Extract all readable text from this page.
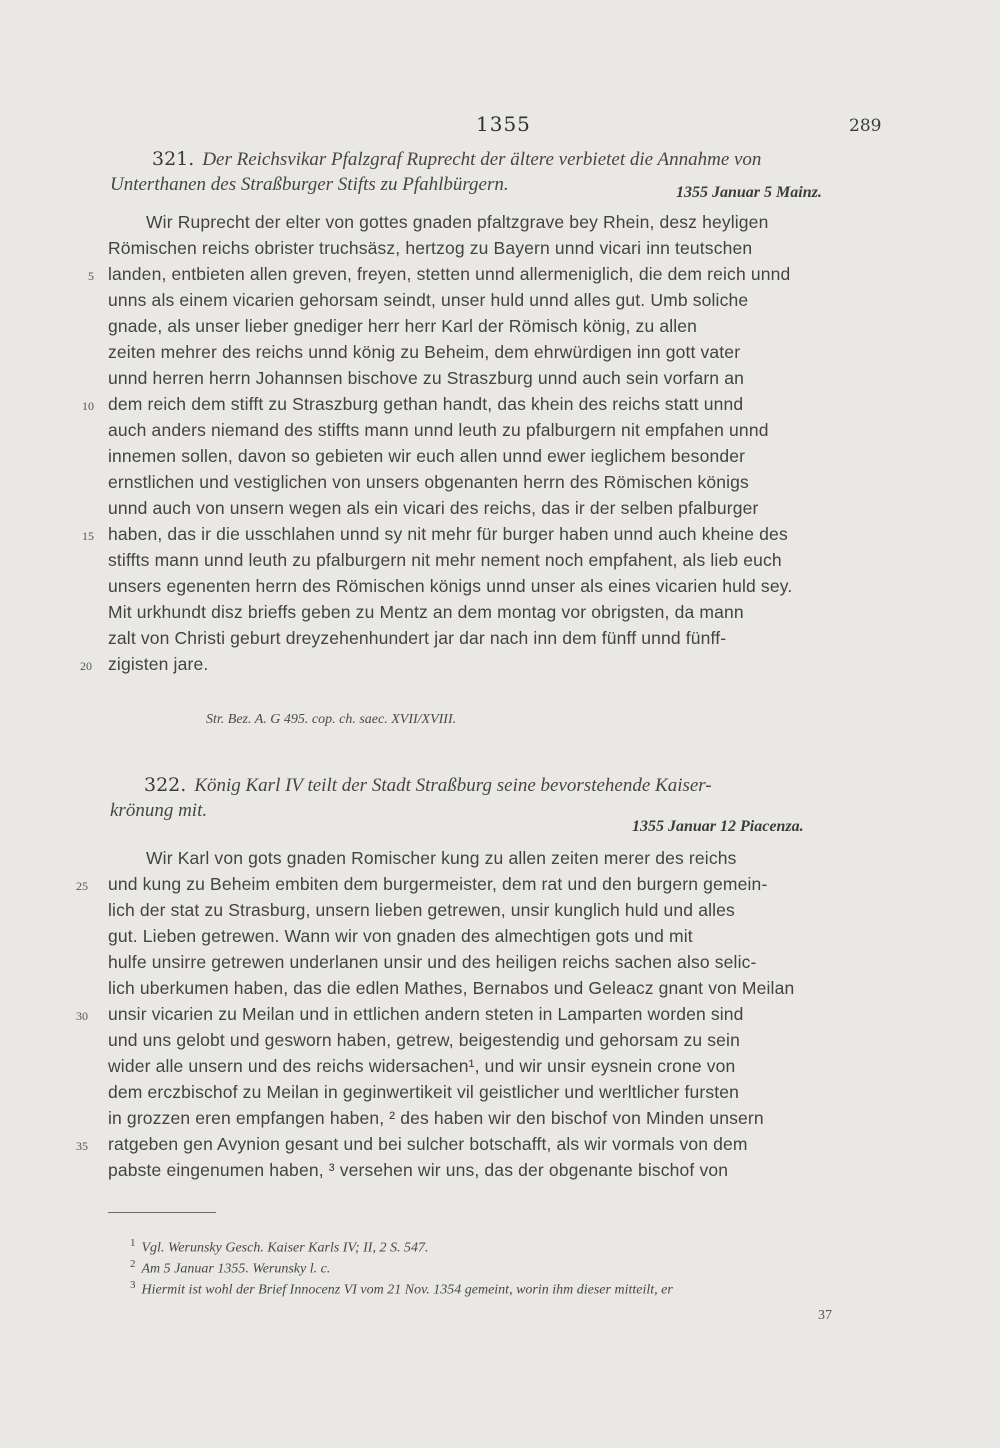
1355	289
321. Der Reichsvikar Pfalzgraf Ruprecht der ältere verbietet die Annahme von
Unterthanen des Straßburger Stifts zu Pfahlbürgern.	1355 Januar 5 Mainz.
Wir Ruprecht der elter von gottes gnaden pfaltzgrave bey Rhein, desz heyligen
Römischen reichs obrister truchsäsz, hertzog zu Bayern unnd vicari inn teutschen
landen, entbieten allen greven, freyen, stetten unnd allermeniglich, die dem reich unnd
unns als einem vicarien gehorsam seindt, unser huld unnd alles gut. Umb soliche
gnade, als unser lieber gnediger herr herr Karl der Römisch könig, zu allen
zeiten mehrer des reichs unnd könig zu Beheim, dem ehrwürdigen inn gott vater
unnd herren herrn Johannsen bischove zu Straszburg unnd auch sein vorfarn an
dem reich dem stifft zu Straszburg gethan handt, das khein des reichs statt unnd
auch anders niemand des stiffts mann unnd leuth zu pfalburgern nit empfahen unnd
innemen sollen, davon so gebieten wir euch allen unnd ewer ieglichem besonder
ernstlichen und vestiglichen von unsers obgenanten herrn des Römischen königs
unnd auch von unsern wegen als ein vicari des reichs, das ir der selben pfalburger
haben, das ir die usschlahen unnd sy nit mehr für burger haben unnd auch kheine des
stiffts mann unnd leuth zu pfalburgern nit mehr nement noch empfahent, als lieb euch
unsers egenenten herrn des Römischen königs unnd unser als eines vicarien huld sey.
Mit urkhundt disz brieffs geben zu Mentz an dem montag vor obrigsten, da mann
zalt von Christi geburt dreyzehenhundert jar dar nach inn dem fünff unnd fünff-
zigisten jare.
5
10
15
20
Str. Bez. A. G 495. cop. ch. saec. XVII/XVIII.
322. König Karl IV teilt der Stadt Straßburg seine bevorstehende Kaiser-
krönung mit.
1355 Januar 12 Piacenza.
Wir Karl von gots gnaden Romischer kung zu allen zeiten merer des reichs
und kung zu Beheim embiten dem burgermeister, dem rat und den burgern gemein-
lich der stat zu Strasburg, unsern lieben getrewen, unsir kunglich huld und alles
gut. Lieben getrewen. Wann wir von gnaden des almechtigen gots und mit
hulfe unsirre getrewen underlanen unsir und des heiligen reichs sachen also selic-
lich uberkumen haben, das die edlen Mathes, Bernabos und Geleacz gnant von Meilan
unsir vicarien zu Meilan und in ettlichen andern steten in Lamparten worden sind
und uns gelobt und gesworn haben, getrew, beigestendig und gehorsam zu sein
wider alle unsern und des reichs widersachen¹, und wir unsir eysnein crone von
dem erczbischof zu Meilan in geginwertikeit vil geistlicher und werltlicher fursten
in grozzen eren empfangen haben, ² des haben wir den bischof von Minden unsern
ratgeben gen Avynion gesant und bei sulcher botschafft, als wir vormals von dem
pabste eingenumen haben, ³ versehen wir uns, das der obgenante bischof von
25
30
35
$^1$ Vgl. Werunsky Gesch. Kaiser Karls IV; II, 2 S. 547.
$^2$ Am 5 Januar 1355. Werunsky l. c.
$^3$ Hiermit ist wohl der Brief Innocenz VI vom 21 Nov. 1354 gemeint, worin ihm dieser mitteilt, er
37
